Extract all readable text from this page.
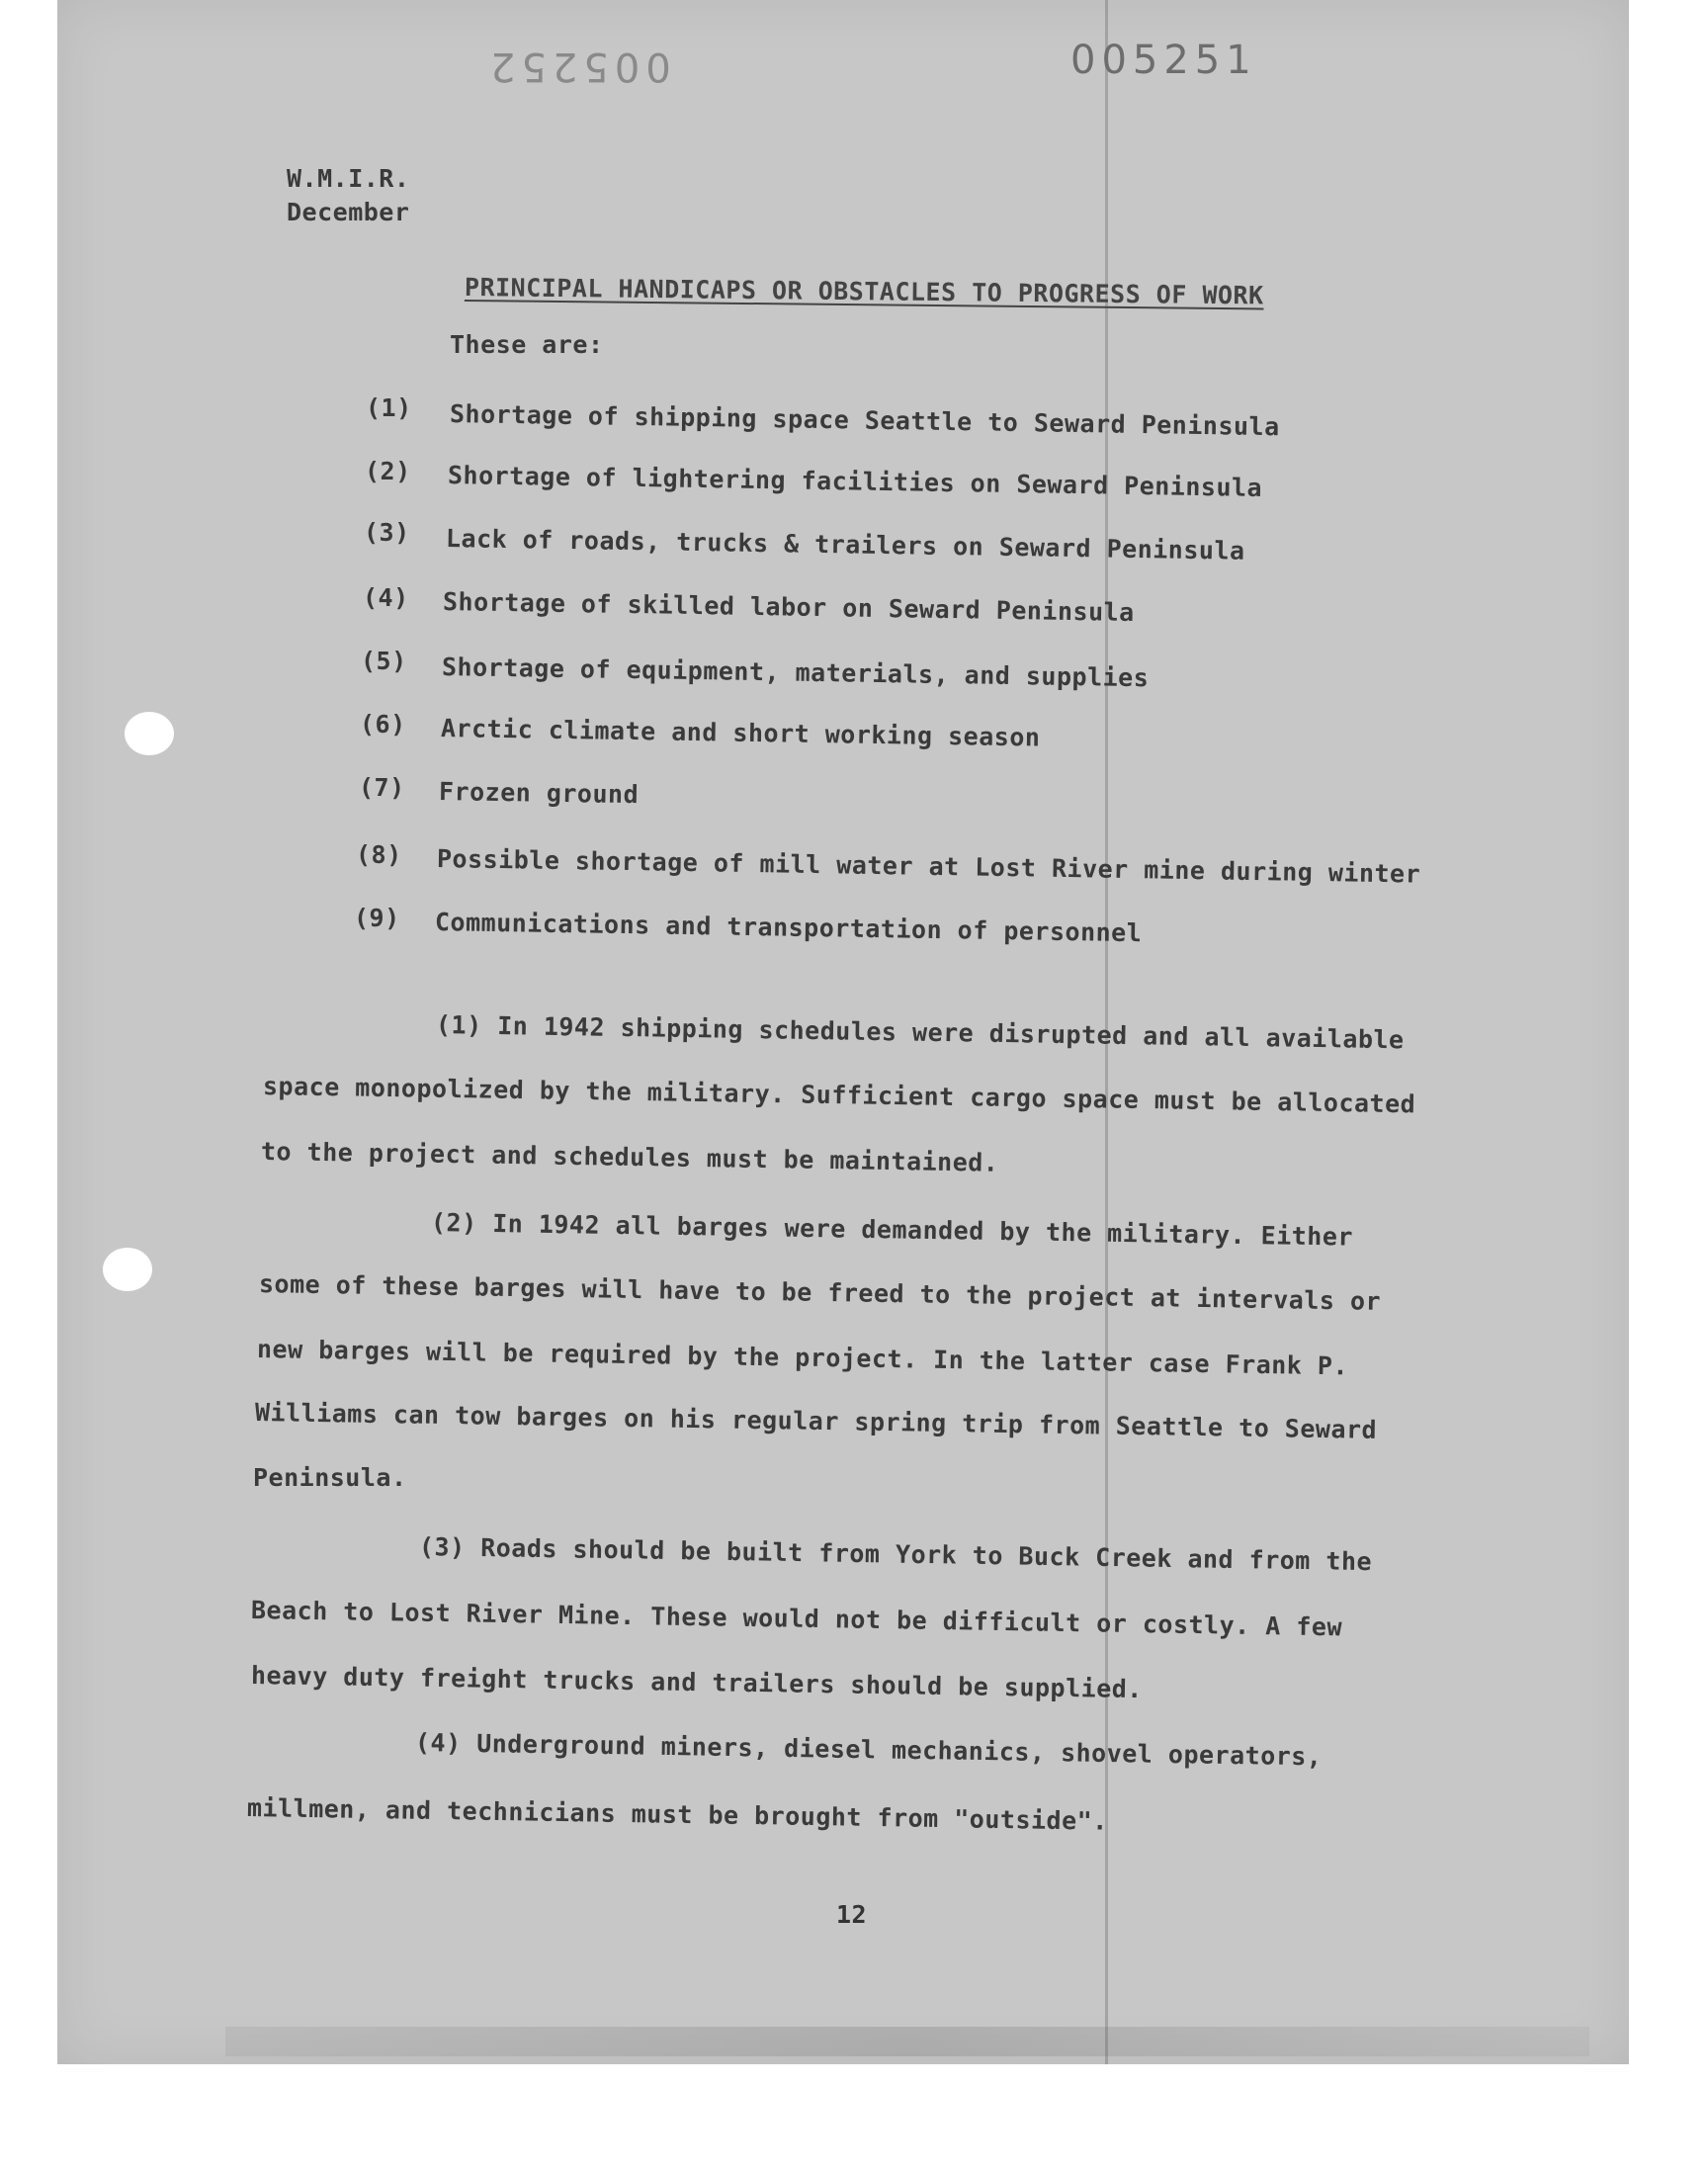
005252	005251
W.M.I.R.
December
PRINCIPAL HANDICAPS OR OBSTACLES TO PROGRESS OF WORK
These are:
(1) Shortage of shipping space Seattle to Seward Peninsula
(2) Shortage of lightering facilities on Seward Peninsula
(3) Lack of roads, trucks & trailers on Seward Peninsula
(4) Shortage of skilled labor on Seward Peninsula
(5) Shortage of equipment, materials, and supplies
(6) Arctic climate and short working season
(7) Frozen ground
(8) Possible shortage of mill water at Lost River mine during winter
(9) Communications and transportation of personnel
(1) In 1942 shipping schedules were disrupted and all available
space monopolized by the military. Sufficient cargo space must be allocated
to the project and schedules must be maintained.
(2) In 1942 all barges were demanded by the military. Either
some of these barges will have to be freed to the project at intervals or
new barges will be required by the project. In the latter case Frank P.
Williams can tow barges on his regular spring trip from Seattle to Seward
Peninsula.
(3) Roads should be built from York to Buck Creek and from the
Beach to Lost River Mine. These would not be difficult or costly. A few
heavy duty freight trucks and trailers should be supplied.
(4) Underground miners, diesel mechanics, shovel operators,
millmen, and technicians must be brought from "outside".
12
